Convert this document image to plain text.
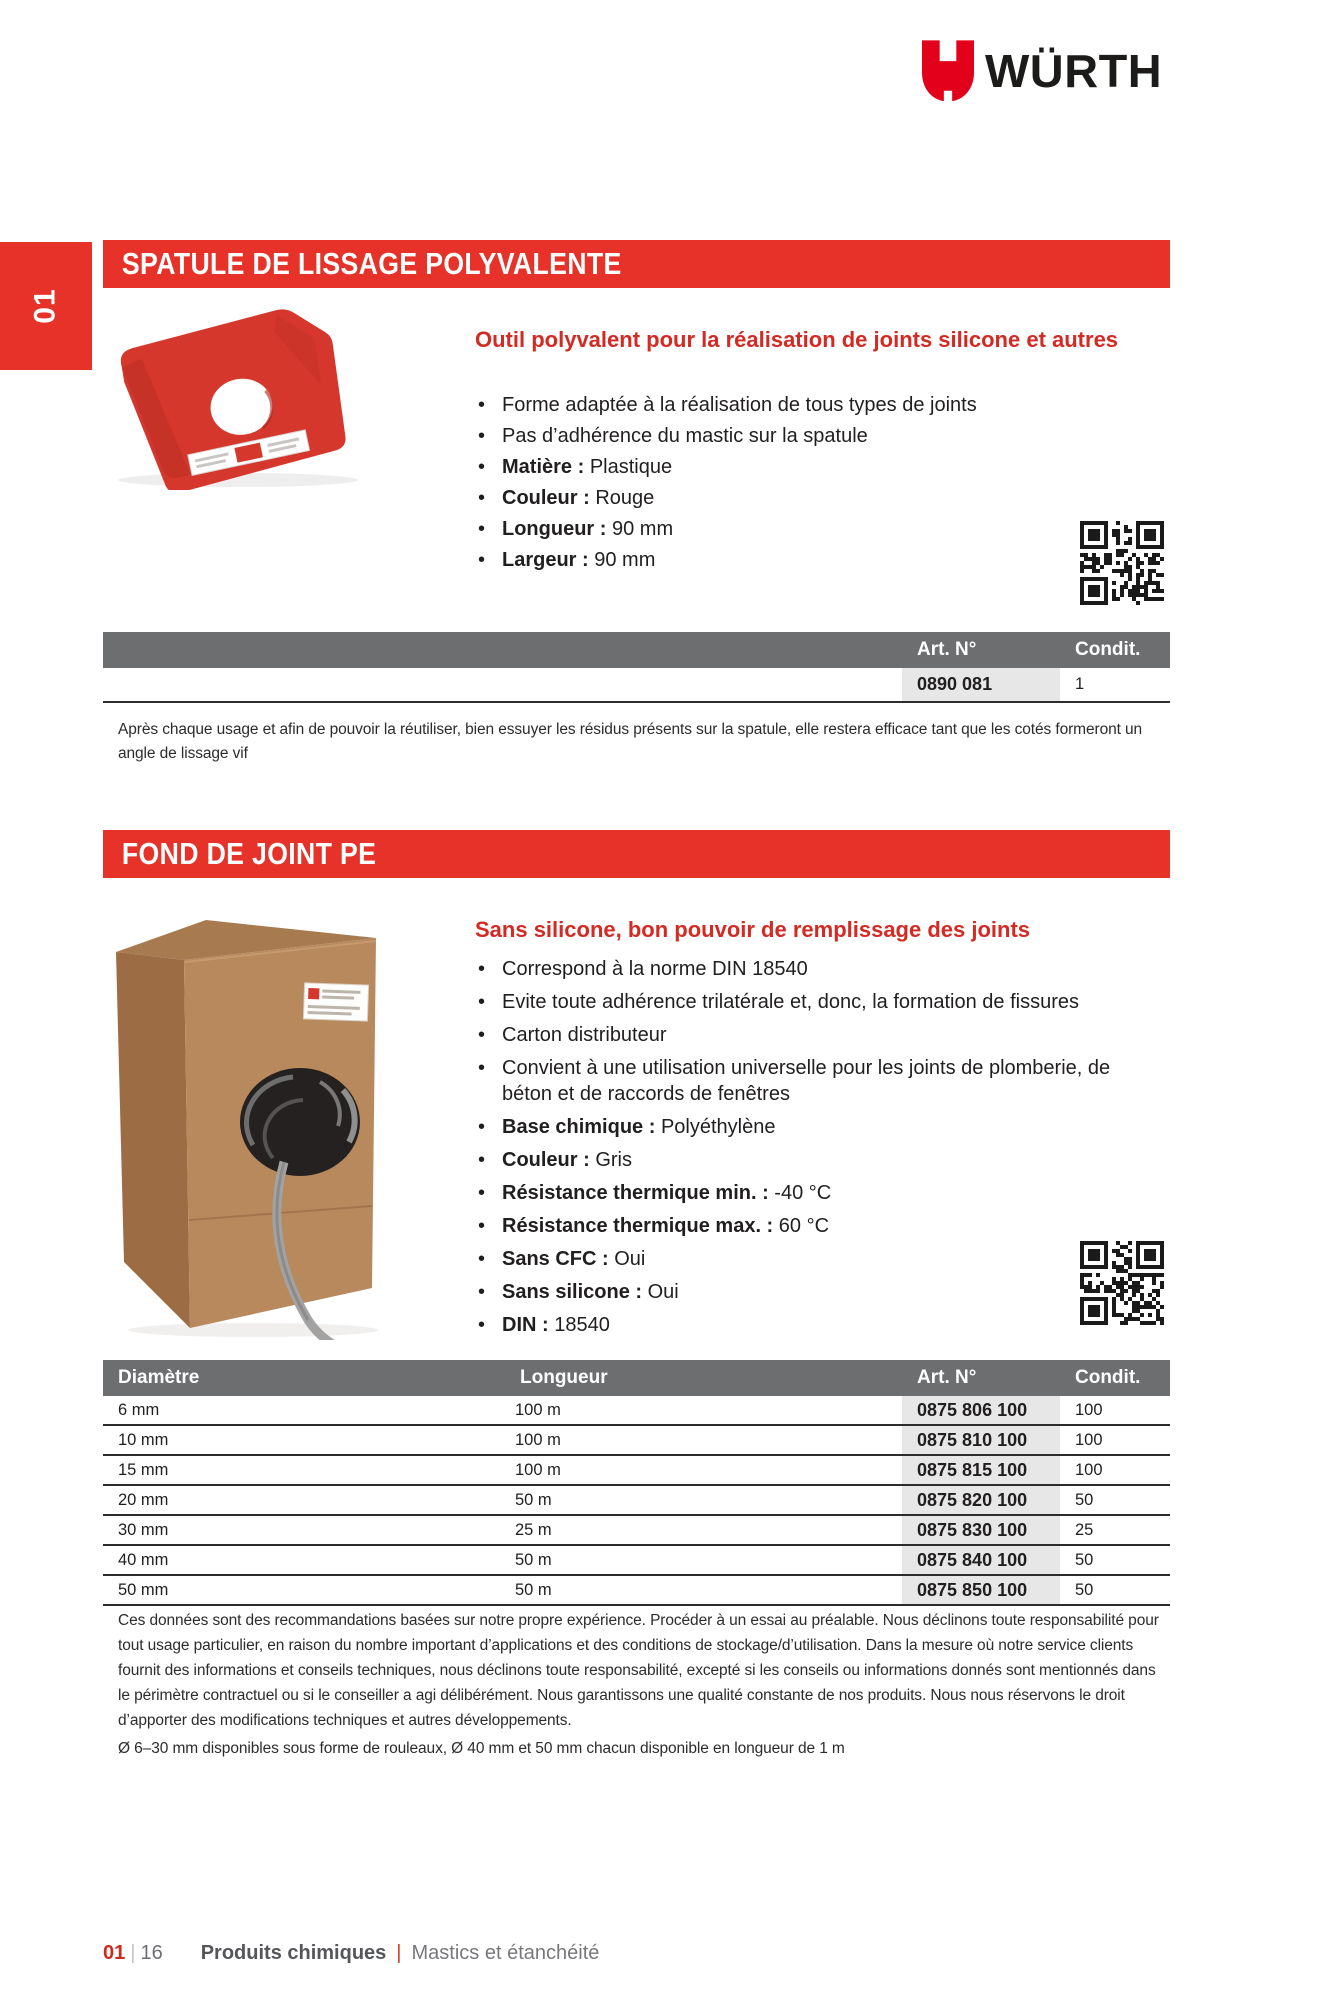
WÜRTH
01
SPATULE DE LISSAGE POLYVALENTE
Outil polyvalent pour la réalisation de joints silicone et autres
• Forme adaptée à la réalisation de tous types de joints
• Pas d’adhérence du mastic sur la spatule
• Matière : Plastique
• Couleur : Rouge
• Longueur : 90 mm
• Largeur : 90 mm
Art. N°	Condit.
0890 081	1
Après chaque usage et afin de pouvoir la réutiliser, bien essuyer les résidus présents sur la spatule, elle restera efficace tant que les cotés formeront un angle de lissage vif
FOND DE JOINT PE
Sans silicone, bon pouvoir de remplissage des joints
• Correspond à la norme DIN 18540
• Evite toute adhérence trilatérale et, donc, la formation de fissures
• Carton distributeur
• Convient à une utilisation universelle pour les joints de plomberie, de béton et de raccords de fenêtres
• Base chimique : Polyéthylène
• Couleur : Gris
• Résistance thermique min. : -40 °C
• Résistance thermique max. : 60 °C
• Sans CFC : Oui
• Sans silicone : Oui
• DIN : 18540
Diamètre	Longueur	Art. N°	Condit.
6 mm	100 m	0875 806 100	100
10 mm	100 m	0875 810 100	100
15 mm	100 m	0875 815 100	100
20 mm	50 m	0875 820 100	50
30 mm	25 m	0875 830 100	25
40 mm	50 m	0875 840 100	50
50 mm	50 m	0875 850 100	50
Ces données sont des recommandations basées sur notre propre expérience. Procéder à un essai au préalable. Nous déclinons toute responsabilité pour tout usage particulier, en raison du nombre important d’applications et des conditions de stockage/d’utilisation. Dans la mesure où notre service clients fournit des informations et conseils techniques, nous déclinons toute responsabilité, excepté si les conseils ou informations donnés sont mentionnés dans le périmètre contractuel ou si le conseiller a agi délibérément. Nous garantissons une qualité constante de nos produits. Nous nous réservons le droit d’apporter des modifications techniques et autres développements.
Ø 6–30 mm disponibles sous forme de rouleaux, Ø 40 mm et 50 mm chacun disponible en longueur de 1 m
01 | 16 Produits chimiques | Mastics et étanchéité
